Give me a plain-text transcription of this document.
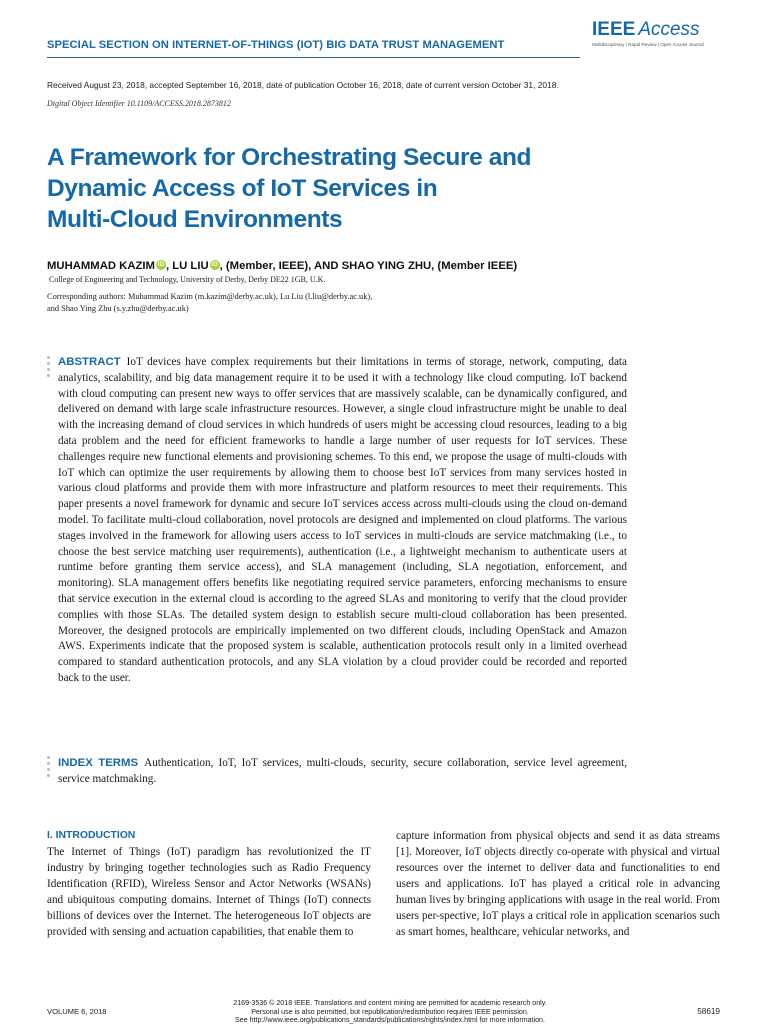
SPECIAL SECTION ON INTERNET-OF-THINGS (IOT) BIG DATA TRUST MANAGEMENT
IEEE Access
Multidisciplinary | Rapid Review | Open Access Journal
Received August 23, 2018, accepted September 16, 2018, date of publication October 16, 2018, date of current version October 31, 2018.
Digital Object Identifier 10.1109/ACCESS.2018.2873812
A Framework for Orchestrating Secure and
Dynamic Access of IoT Services in
Multi-Cloud Environments
MUHAMMAD KAZIM iD , LU LIU iD , (Member, IEEE), AND SHAO YING ZHU, (Member IEEE)
College of Engineering and Technology, University of Derby, Derby DE22 1GB, U.K.
Corresponding authors: Muhammad Kazim (m.kazim@derby.ac.uk), Lu Liu (l.liu@derby.ac.uk),
and Shao Ying Zhu (s.y.zhu@derby.ac.uk)
ABSTRACT IoT devices have complex requirements but their limitations in terms of storage, network, computing, data analytics, scalability, and big data management require it to be used it with a technology like cloud computing. IoT backend with cloud computing can present new ways to offer services that are massively scalable, can be dynamically configured, and delivered on demand with large scale infrastructure resources. However, a single cloud infrastructure might be unable to deal with the increasing demand of cloud services in which hundreds of users might be accessing cloud resources, leading to a big data problem and the need for efficient frameworks to handle a large number of user requests for IoT services. These challenges require new functional elements and provisioning schemes. To this end, we propose the usage of multi-clouds with IoT which can optimize the user requirements by allowing them to choose best IoT services from many services hosted in various cloud platforms and provide them with more infrastructure and platform resources to meet their requirements. This paper presents a novel framework for dynamic and secure IoT services access across multi-clouds using the cloud on-demand model. To facilitate multi-cloud collaboration, novel protocols are designed and implemented on cloud platforms. The various stages involved in the framework for allowing users access to IoT services in multi-clouds are service matchmaking (i.e., to choose the best service matching user requirements), authentication (i.e., a lightweight mechanism to authenticate users at runtime before granting them service access), and SLA management (including, SLA negotiation, enforcement, and monitoring). SLA management offers benefits like negotiating required service parameters, enforcing mechanisms to ensure that service execution in the external cloud is according to the agreed SLAs and monitoring to verify that the cloud provider complies with those SLAs. The detailed system design to establish secure multi-cloud collaboration has been presented. Moreover, the designed protocols are empirically implemented on two different clouds, including OpenStack and Amazon AWS. Experiments indicate that the proposed system is scalable, authentication protocols result only in a limited overhead compared to standard authentication protocols, and any SLA violation by a cloud provider could be recorded and reported back to the user.
INDEX TERMS Authentication, IoT, IoT services, multi-clouds, security, secure collaboration, service level agreement, service matchmaking.
I. INTRODUCTION
The Internet of Things (IoT) paradigm has revolutionized the IT industry by bringing together technologies such as Radio Frequency Identification (RFID), Wireless Sensor and Actor Networks (WSANs) and ubiquitous computing domains. Internet of Things (IoT) connects billions of devices over the Internet. The heterogeneous IoT objects are provided with sensing and actuation capabilities, that enable them to
capture information from physical objects and send it as data streams [1]. Moreover, IoT objects directly co-operate with physical and virtual resources over the internet to deliver data and functionalities to end users and applications. IoT has played a critical role in advancing human lives by bringing applications with usage in the real world. From users per-spective, IoT plays a critical role in application scenarios such as smart homes, healthcare, vehicular networks, and
VOLUME 6, 2018
2169-3536 © 2018 IEEE. Translations and content mining are permitted for academic research only.
Personal use is also permitted, but republication/redistribution requires IEEE permission.
See http://www.ieee.org/publications_standards/publications/rights/index.html for more information.
58619
